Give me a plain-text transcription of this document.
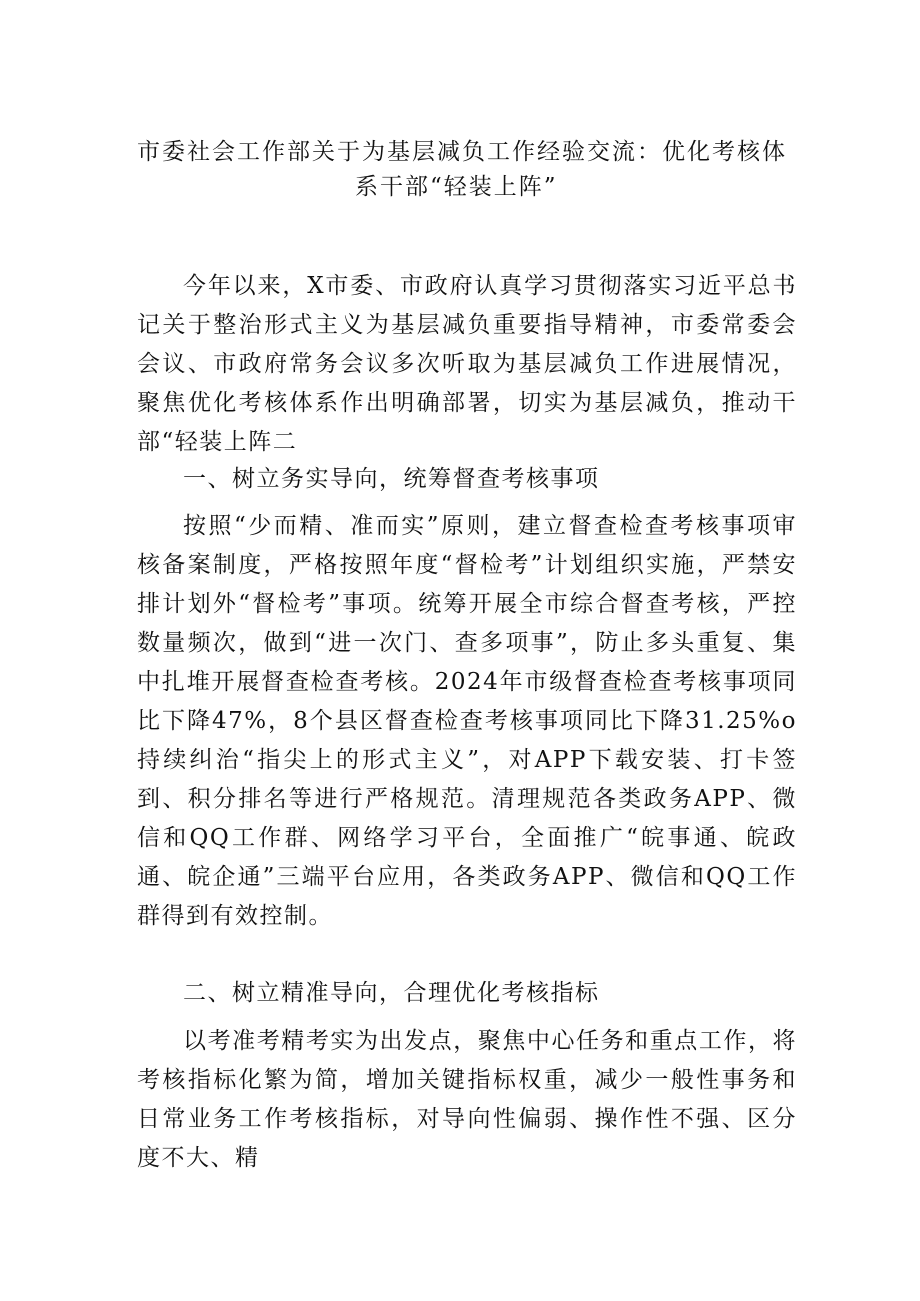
市委社会工作部关于为基层减负工作经验交流：优化考核体
系干部“轻装上阵”
今年以来，X市委、市政府认真学习贯彻落实习近平总书记关于整治形式主义为基层减负重要指导精神，市委常委会会议、市政府常务会议多次听取为基层减负工作进展情况，聚焦优化考核体系作出明确部署，切实为基层减负，推动干部“轻装上阵二
一、树立务实导向，统筹督查考核事项
按照“少而精、准而实”原则，建立督查检查考核事项审核备案制度，严格按照年度“督检考”计划组织实施，严禁安排计划外“督检考”事项。统筹开展全市综合督查考核，严控数量频次，做到“进一次门、查多项事”，防止多头重复、集中扎堆开展督查检查考核。2024年市级督查检查考核事项同比下降47%，8个县区督查检查考核事项同比下降31.25%o持续纠治“指尖上的形式主义”，对APP下载安装、打卡签到、积分排名等进行严格规范。清理规范各类政务APP、微信和QQ工作群、网络学习平台，全面推广“皖事通、皖政通、皖企通”三端平台应用，各类政务APP、微信和QQ工作群得到有效控制。
二、树立精准导向，合理优化考核指标
以考准考精考实为出发点，聚焦中心任务和重点工作，将考核指标化繁为简，增加关键指标权重，减少一般性事务和日常业务工作考核指标，对导向性偏弱、操作性不强、区分度不大、精
